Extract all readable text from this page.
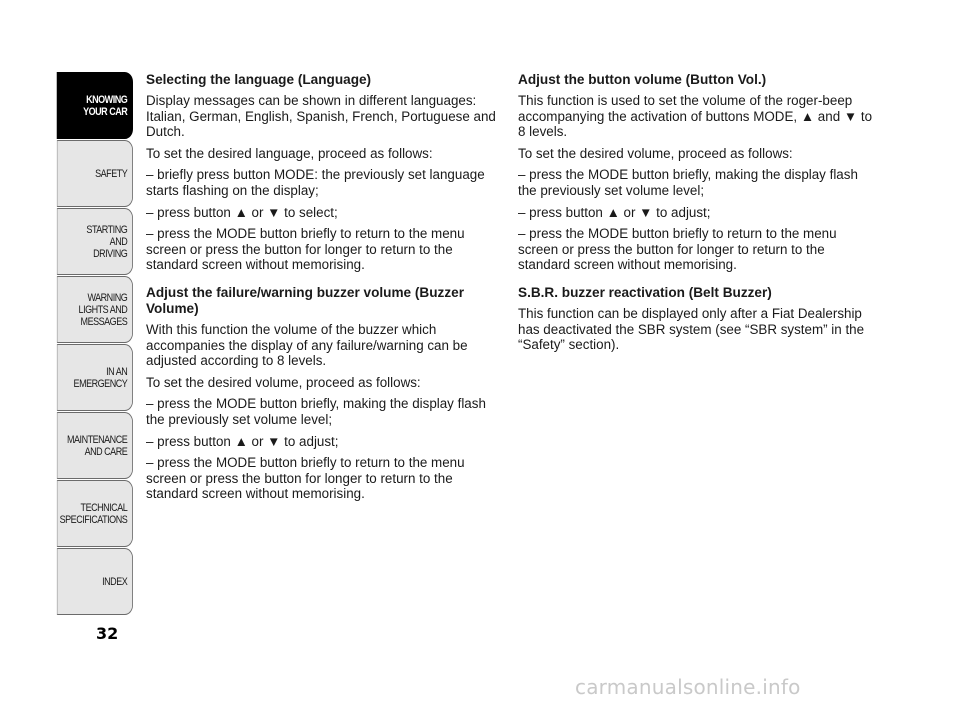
KNOWING
YOUR CAR
SAFETY
STARTING
AND
DRIVING
WARNING
LIGHTS AND
MESSAGES
IN AN
EMERGENCY
MAINTENANCE
AND CARE
TECHNICAL
SPECIFICATIONS
INDEX
32
Selecting the language (Language)

Display messages can be shown in different languages: Italian, German, English, Spanish, French, Portuguese and Dutch.

To set the desired language, proceed as follows:

– briefly press button MODE: the previously set language starts flashing on the display;

– press button ▲ or ▼ to select;

– press the MODE button briefly to return to the menu screen or press the button for longer to return to the standard screen without memorising.

Adjust the failure/warning buzzer volume (Buzzer Volume)

With this function the volume of the buzzer which accompanies the display of any failure/warning can be adjusted according to 8 levels.

To set the desired volume, proceed as follows:

– press the MODE button briefly, making the display flash the previously set volume level;

– press button ▲ or ▼ to adjust;

– press the MODE button briefly to return to the menu screen or press the button for longer to return to the standard screen without memorising.

Adjust the button volume (Button Vol.)

This function is used to set the volume of the roger-beep accompanying the activation of buttons MODE, ▲ and ▼ to 8 levels.

To set the desired volume, proceed as follows:

– press the MODE button briefly, making the display flash the previously set volume level;

– press button ▲ or ▼ to adjust;

– press the MODE button briefly to return to the menu screen or press the button for longer to return to the standard screen without memorising.

S.B.R. buzzer reactivation (Belt Buzzer)

This function can be displayed only after a Fiat Dealership has deactivated the SBR system (see “SBR system” in the “Safety” section).

carmanualsonline.info
